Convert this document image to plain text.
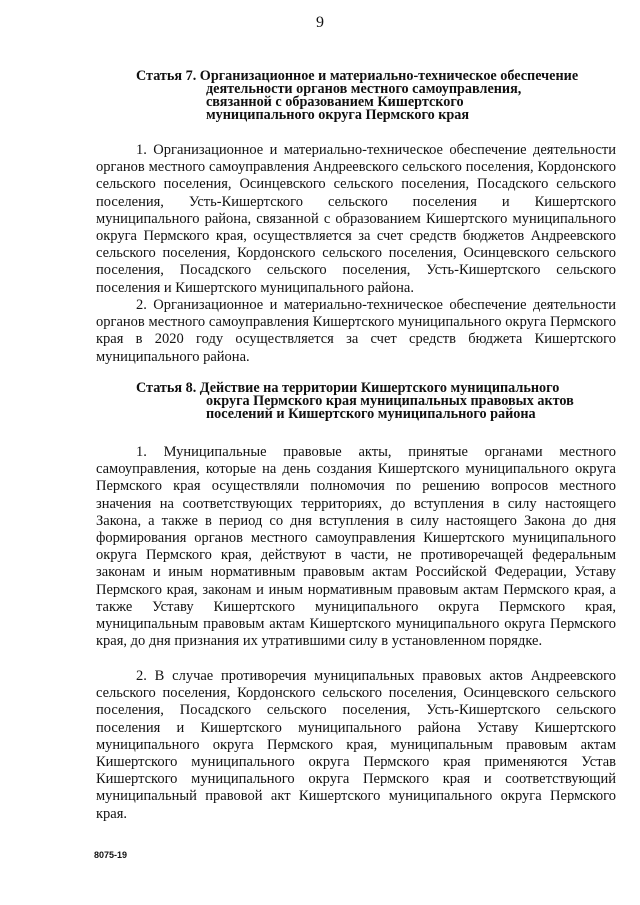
9
Статья 7. Организационное и материально-техническое обеспечение
деятельности органов местного самоуправления,
связанной с образованием Кишертского
муниципального округа Пермского края

1. Организационное и материально-техническое обеспечение деятельности органов местного самоуправления Андреевского сельского поселения, Кордонского сельского поселения, Осинцевского сельского поселения, Посадского сельского поселения, Усть-Кишертского сельского поселения и Кишертского муниципального района, связанной с образованием Кишертского муниципального округа Пермского края, осуществляется за счет средств бюджетов Андреевского сельского поселения, Кордонского сельского поселения, Осинцевского сельского поселения, Посадского сельского поселения, Усть-Кишертского сельского поселения и Кишертского муниципального района.

2. Организационное и материально-техническое обеспечение деятельности органов местного самоуправления Кишертского муниципального округа Пермского края в 2020 году осуществляется за счет средств бюджета Кишертского муниципального района.

Статья 8. Действие на территории Кишертского муниципального
округа Пермского края муниципальных правовых актов
поселений и Кишертского муниципального района

1. Муниципальные правовые акты, принятые органами местного самоуправления, которые на день создания Кишертского муниципального округа Пермского края осуществляли полномочия по решению вопросов местного значения на соответствующих территориях, до вступления в силу настоящего Закона, а также в период со дня вступления в силу настоящего Закона до дня формирования органов местного самоуправления Кишертского муниципального округа Пермского края, действуют в части, не противоречащей федеральным законам и иным нормативным правовым актам Российской Федерации, Уставу Пермского края, законам и иным нормативным правовым актам Пермского края, а также Уставу Кишертского муниципального округа Пермского края, муниципальным правовым актам Кишертского муниципального округа Пермского края, до дня признания их утратившими силу в установленном порядке.

2. В случае противоречия муниципальных правовых актов Андреевского сельского поселения, Кордонского сельского поселения, Осинцевского сельского поселения, Посадского сельского поселения, Усть-Кишертского сельского поселения и Кишертского муниципального района Уставу Кишертского муниципального округа Пермского края, муниципальным правовым актам Кишертского муниципального округа Пермского края применяются Устав Кишертского муниципального округа Пермского края и соответствующий муниципальный правовой акт Кишертского муниципального округа Пермского края.

8075-19
